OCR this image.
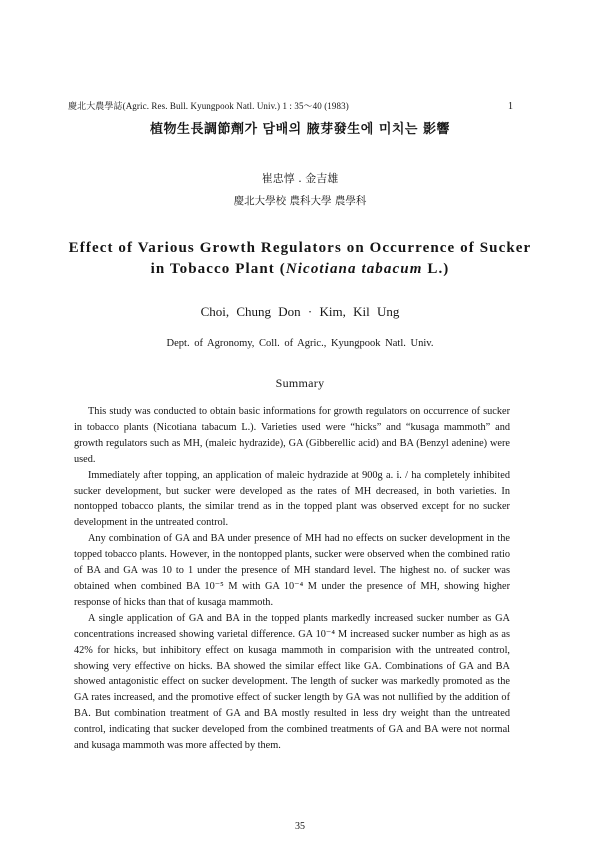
慶北大農學誌(Agric. Res. Bull. Kyungpook Natl. Univ.) 1 : 35～40 (1983)	1
植物生長調節劑가 담배의 腋芽發生에 미치는 影響
崔忠惇 . 金吉雄
慶北大學校 農科大學 農學科
Effect of Various Growth Regulators on Occurrence of Sucker
in Tobacco Plant (Nicotiana tabacum L.)
Choi, Chung Don · Kim, Kil Ung
Dept. of Agronomy, Coll. of Agric., Kyungpook Natl. Univ.
Summary

This study was conducted to obtain basic informations for growth regulators on occurrence of sucker in tobacco plants (Nicotiana tabacum L.). Varieties used were “hicks” and “kusaga mammoth” and growth regulators such as MH, (maleic hydrazide), GA (Gibberellic acid) and BA (Benzyl adenine) were used.

Immediately after topping, an application of maleic hydrazide at 900g a. i. / ha completely inhibited sucker development, but sucker were developed as the rates of MH decreased, in both varieties. In nontopped tobacco plants, the similar trend as in the topped plant was observed except for no sucker development in the untreated control.

Any combination of GA and BA under presence of MH had no effects on sucker development in the topped tobacco plants. However, in the nontopped plants, sucker were observed when the combined ratio of BA and GA was 10 to 1 under the presence of MH standard level. The highest no. of sucker was obtained when combined BA 10⁻⁵ M with GA 10⁻⁴ M under the presence of MH, showing higher response of hicks than that of kusaga mammoth.

A single application of GA and BA in the topped plants markedly increased sucker number as GA concentrations increased showing varietal difference. GA 10⁻⁴ M increased sucker number as high as as 42% for hicks, but inhibitory effect on kusaga mammoth in comparision with the untreated control, showing very effective on hicks. BA showed the similar effect like GA. Combinations of GA and BA showed antagonistic effect on sucker development. The length of sucker was markedly promoted as the GA rates increased, and the promotive effect of sucker length by GA was not nullified by the addition of BA. But combination treatment of GA and BA mostly resulted in less dry weight than the untreated control, indicating that sucker developed from the combined treatments of GA and BA were not normal and kusaga mammoth was more affected by them.

35
